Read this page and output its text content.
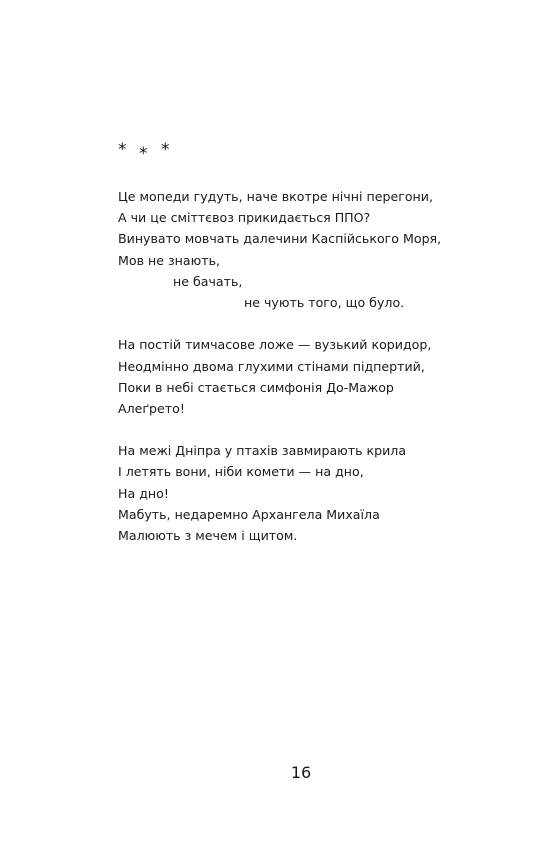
* * *
Це мопеди гудуть, наче вкотре нічні перегони,
А чи це сміттєвоз прикидається ППО?
Винувато мовчать далечини Каспійського Моря,
Мов не знають,
не бачать,
не чують того, що було.
На постій тимчасове ложе — вузький коридор,
Неодмінно двома глухими стінами підпертий,
Поки в небі стається симфонія До-Мажор
Алеґрето!
На межі Дніпра у птахів завмирають крила
І летять вони, ніби комети — на дно,
На дно!
Мабуть, недаремно Архангела Михаїла
Малюють з мечем і щитом.
16
